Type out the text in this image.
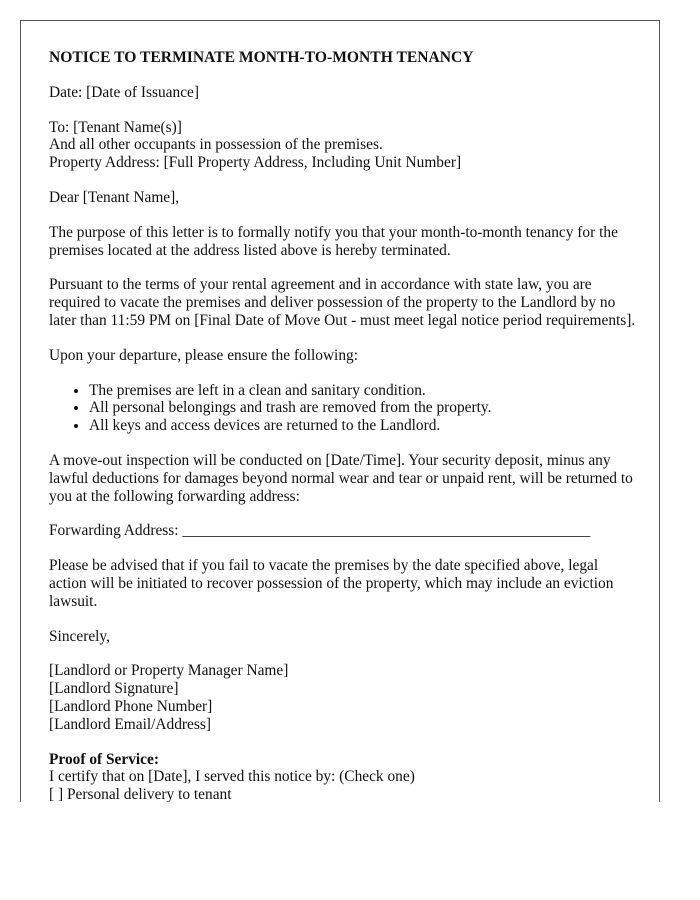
NOTICE TO TERMINATE MONTH-TO-MONTH TENANCY

Date: [Date of Issuance]

To: [Tenant Name(s)]

And all other occupants in possession of the premises.

Property Address: [Full Property Address, Including Unit Number]

Dear [Tenant Name],

The purpose of this letter is to formally notify you that your month-to-month tenancy for the premises located at the address listed above is hereby terminated.

Pursuant to the terms of your rental agreement and in accordance with state law, you are required to vacate the premises and deliver possession of the property to the Landlord by no later than 11:59 PM on [Final Date of Move Out - must meet legal notice period requirements].

Upon your departure, please ensure the following:

• The premises are left in a clean and sanitary condition.
• All personal belongings and trash are removed from the property.
• All keys and access devices are returned to the Landlord.

A move-out inspection will be conducted on [Date/Time]. Your security deposit, minus any lawful deductions for damages beyond normal wear and tear or unpaid rent, will be returned to you at the following forwarding address:

Forwarding Address: _____________________________________________________

Please be advised that if you fail to vacate the premises by the date specified above, legal action will be initiated to recover possession of the property, which may include an eviction lawsuit.

Sincerely,

[Landlord or Property Manager Name]

[Landlord Signature]

[Landlord Phone Number]

[Landlord Email/Address]

Proof of Service:

I certify that on [Date], I served this notice by: (Check one)

[ ] Personal delivery to tenant
